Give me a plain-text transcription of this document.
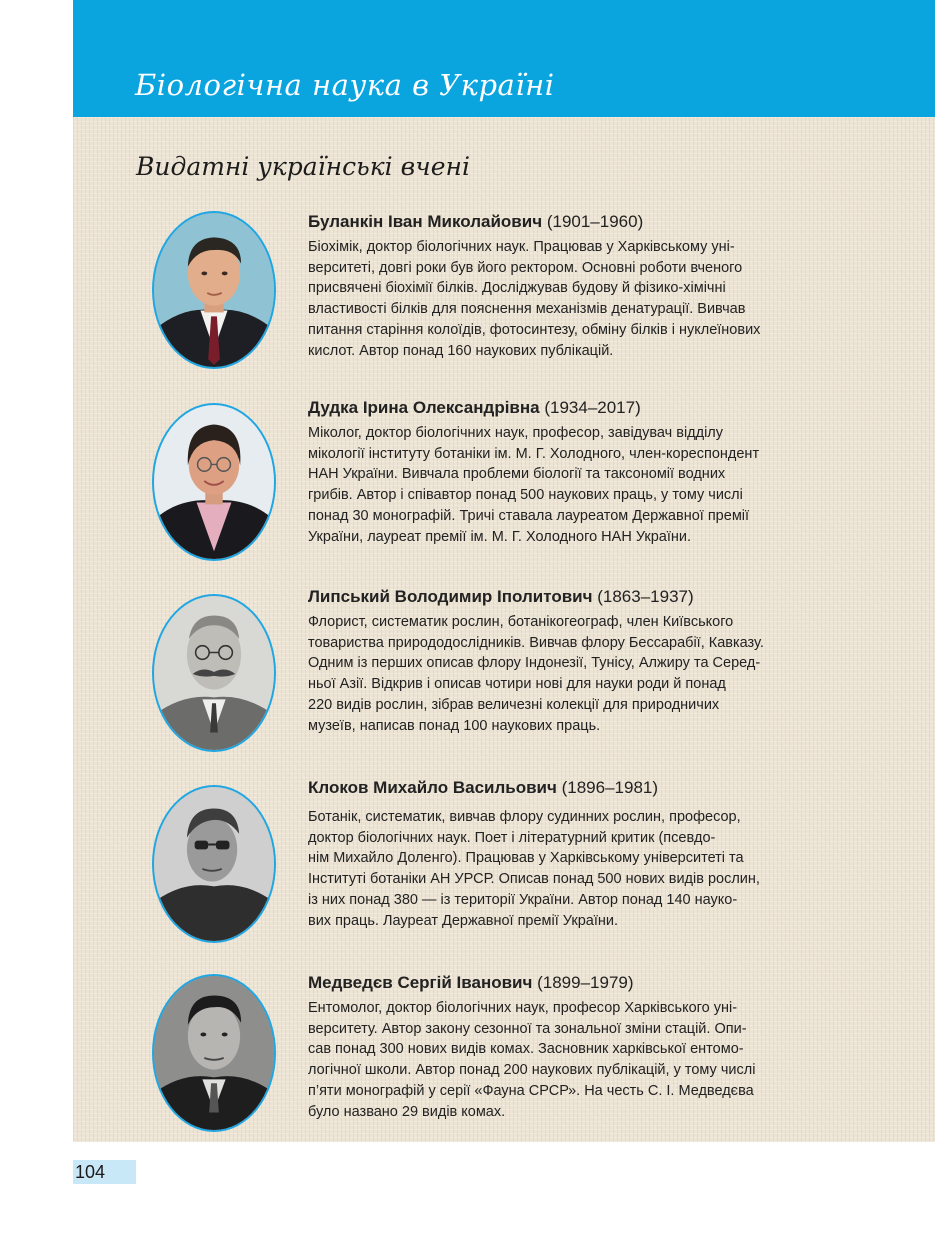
Біологічна наука в Україні
Видатні українські вчені
Буланкін Іван Миколайович (1901–1960)

Біохімік, доктор біологічних наук. Працював у Харківському уні-
верситеті, довгі роки був його ректором. Основні роботи вченого
присвячені біохімії білків. Досліджував будову й фізико-хімічні
властивості білків для пояснення механізмів денатурації. Вивчав
питання старіння колоїдів, фотосинтезу, обміну білків і нуклеїнових
кислот. Автор понад 160 наукових публікацій.

Дудка Ірина Олександрівна (1934–2017)

Міколог, доктор біологічних наук, професор, завідувач відділу
мікології інституту ботаніки ім. М. Г. Холодного, член-кореспондент
НАН України. Вивчала проблеми біології та таксономії водних
грибів. Автор і співавтор понад 500 наукових праць, у тому числі
понад 30 монографій. Тричі ставала лауреатом Державної премії
України, лауреат премії ім. М. Г. Холодного НАН України.

Липський Володимир Іполитович (1863–1937)

Флорист, систематик рослин, ботанікогеограф, член Київського
товариства природодослідників. Вивчав флору Бессарабії, Кавказу.
Одним із перших описав флору Індонезії, Тунісу, Алжиру та Серед-
ньої Азії. Відкрив і описав чотири нові для науки роди й понад
220 видів рослин, зібрав величезні колекції для природничих
музеїв, написав понад 100 наукових праць.

Клоков Михайло Васильович (1896–1981)

Ботанік, систематик, вивчав флору судинних рослин, професор,
доктор біологічних наук. Поет і літературний критик (псевдо-
нім Михайло Доленго). Працював у Харківському університеті та
Інституті ботаніки АН УРСР. Описав понад 500 нових видів рослин,
із них понад 380 — із території України. Автор понад 140 науко-
вих праць. Лауреат Державної премії України.

Медведєв Сергій Іванович (1899–1979)

Ентомолог, доктор біологічних наук, професор Харківського уні-
верситету. Автор закону сезонної та зональної зміни стацій. Опи-
сав понад 300 нових видів комах. Засновник харківської ентомо-
логічної школи. Автор понад 200 наукових публікацій, у тому числі
п’яти монографій у серії «Фауна СРСР». На честь С. І. Медведєва
було названо 29 видів комах.

104
